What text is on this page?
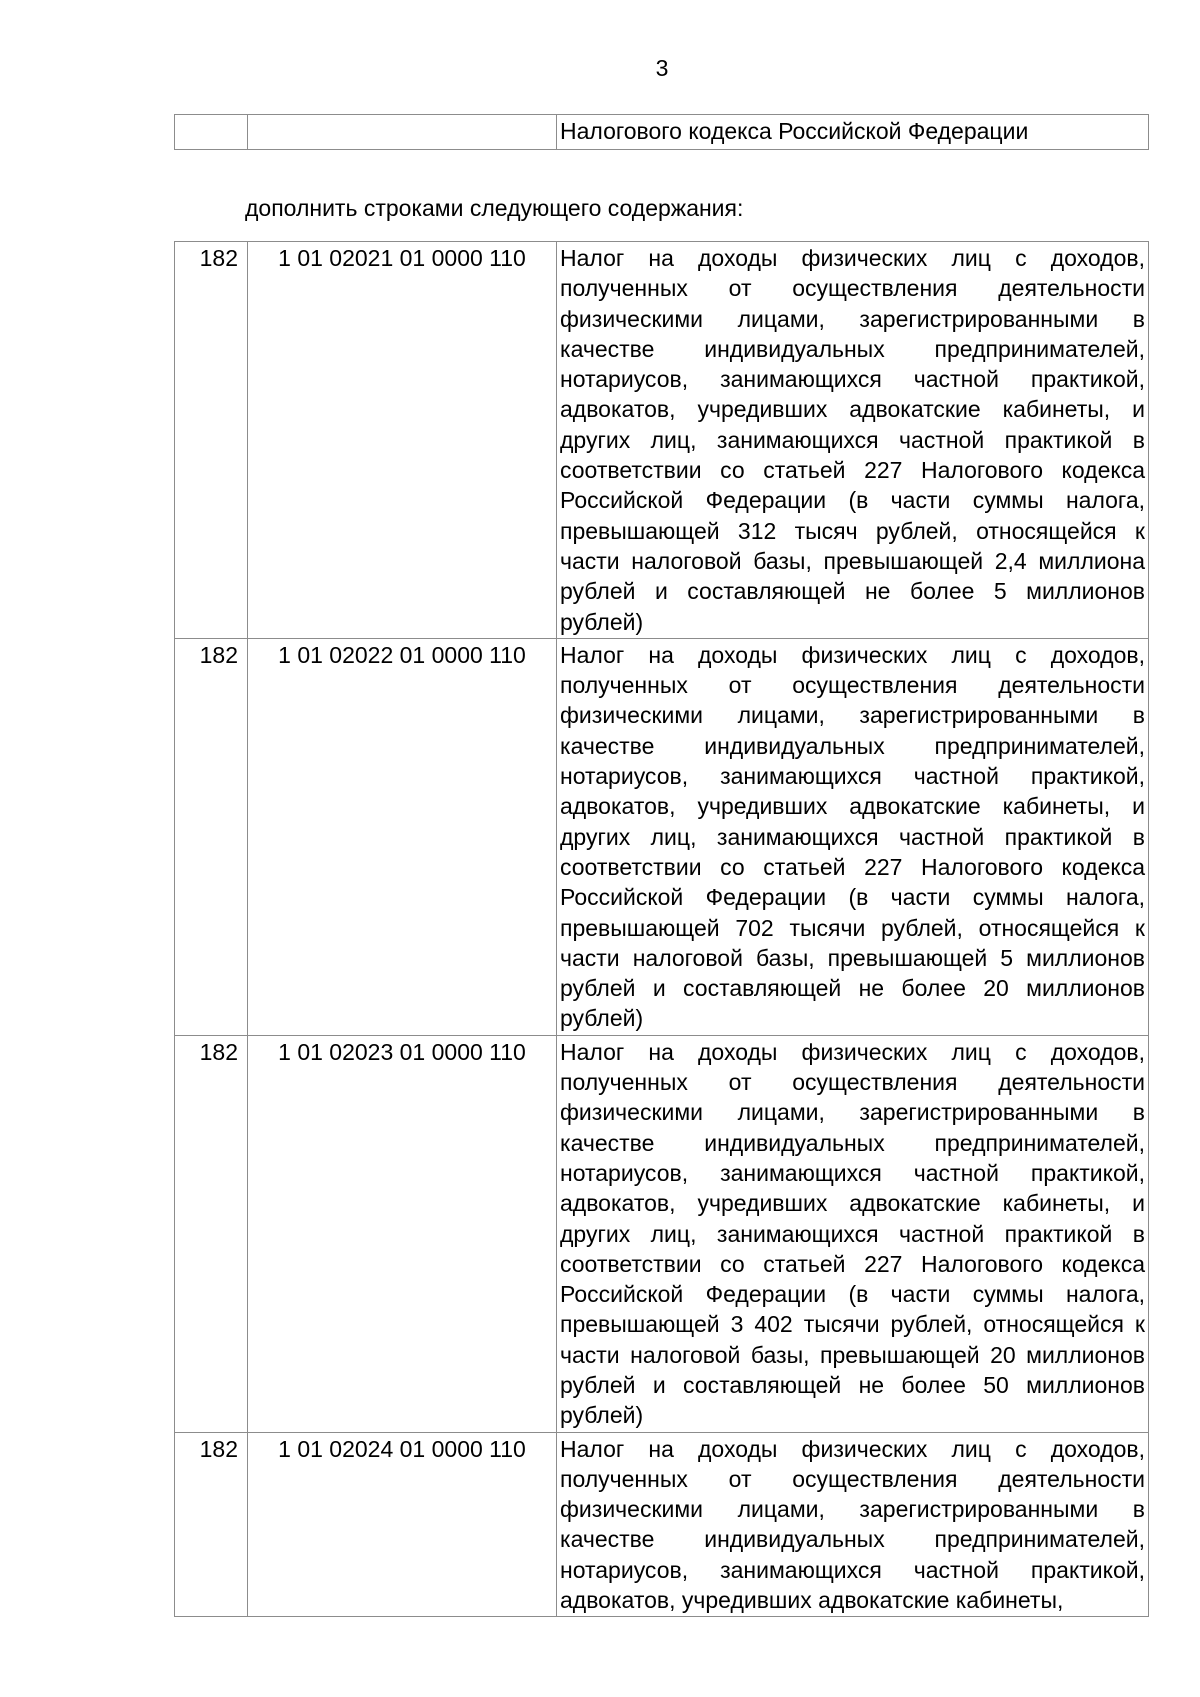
3
		Налогового кодекса Российской Федерации
дополнить строками следующего содержания:
182	1 01 02021 01 0000 110	Налог на доходы физических лиц с доходов, полученных от осуществления деятельности физическими лицами, зарегистрированными в качестве индивидуальных предпринимателей, нотариусов, занимающихся частной практикой, адвокатов, учредивших адвокатские кабинеты, и других лиц, занимающихся частной практикой в соответствии со статьей 227 Налогового кодекса Российской Федерации (в части суммы налога, превышающей 312 тысяч рублей, относящейся к части налоговой базы, превышающей 2,4 миллиона рублей и составляющей не более 5 миллионов рублей)
182	1 01 02022 01 0000 110	Налог на доходы физических лиц с доходов, полученных от осуществления деятельности физическими лицами, зарегистрированными в качестве индивидуальных предпринимателей, нотариусов, занимающихся частной практикой, адвокатов, учредивших адвокатские кабинеты, и других лиц, занимающихся частной практикой в соответствии со статьей 227 Налогового кодекса Российской Федерации (в части суммы налога, превышающей 702 тысячи рублей, относящейся к части налоговой базы, превышающей 5 миллионов рублей и составляющей не более 20 миллионов рублей)
182	1 01 02023 01 0000 110	Налог на доходы физических лиц с доходов, полученных от осуществления деятельности физическими лицами, зарегистрированными в качестве индивидуальных предпринимателей, нотариусов, занимающихся частной практикой, адвокатов, учредивших адвокатские кабинеты, и других лиц, занимающихся частной практикой в соответствии со статьей 227 Налогового кодекса Российской Федерации (в части суммы налога, превышающей 3 402 тысячи рублей, относящейся к части налоговой базы, превышающей 20 миллионов рублей и составляющей не более 50 миллионов рублей)
182	1 01 02024 01 0000 110	Налог на доходы физических лиц с доходов, полученных от осуществления деятельности физическими лицами, зарегистрированными в качестве индивидуальных предпринимателей, нотариусов, занимающихся частной практикой, адвокатов, учредивших адвокатские кабинеты,
